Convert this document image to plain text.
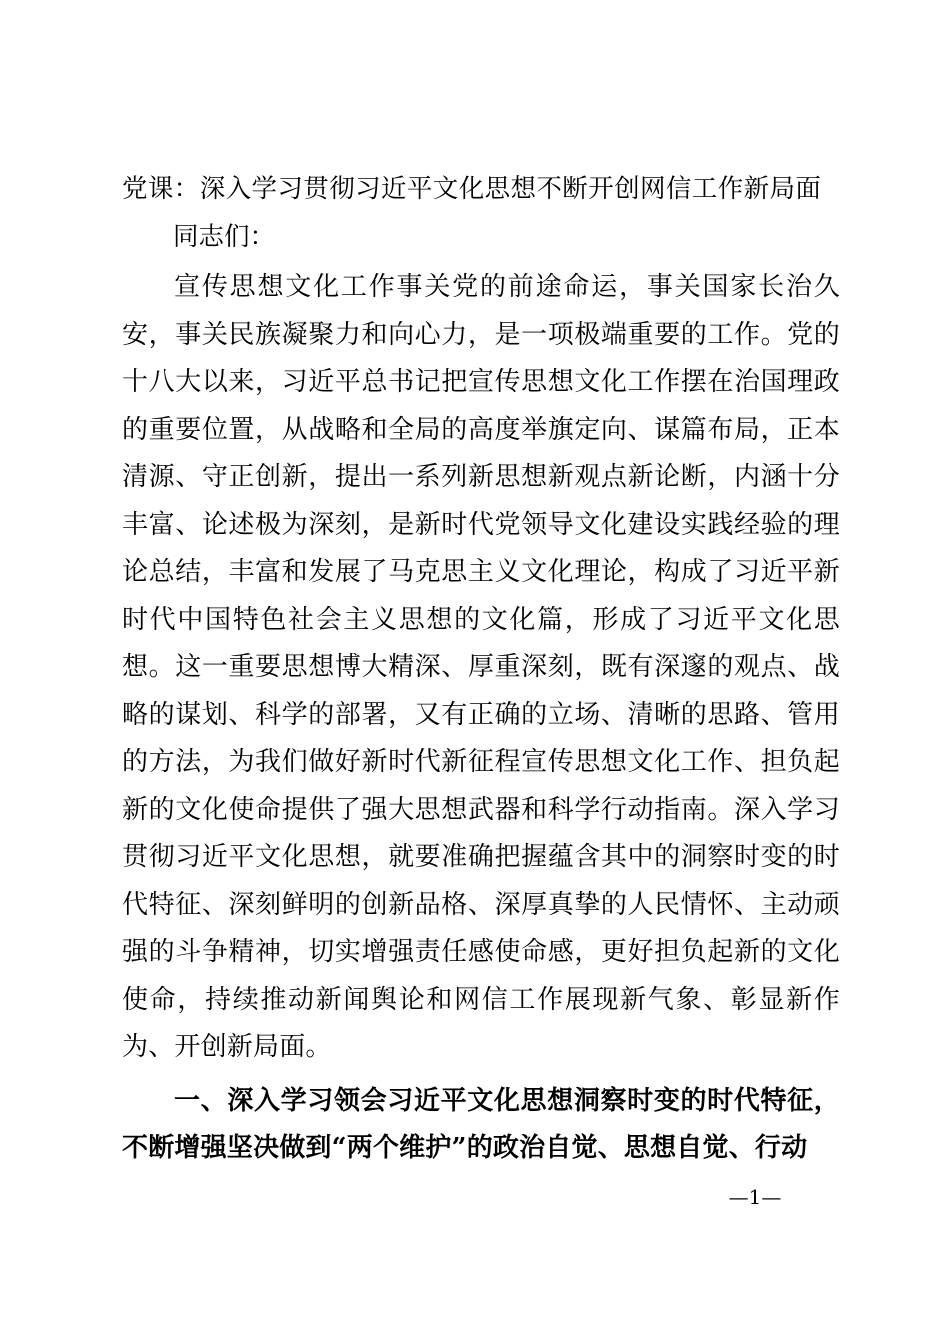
党课：深入学习贯彻习近平文化思想不断开创网信工作新局面
同志们：
宣传思想文化工作事关党的前途命运，事关国家长治久安，事关民族凝聚力和向心力，是一项极端重要的工作。党的十八大以来，习近平总书记把宣传思想文化工作摆在治国理政的重要位置，从战略和全局的高度举旗定向、谋篇布局，正本清源、守正创新，提出一系列新思想新观点新论断，内涵十分丰富、论述极为深刻，是新时代党领导文化建设实践经验的理论总结，丰富和发展了马克思主义文化理论，构成了习近平新时代中国特色社会主义思想的文化篇，形成了习近平文化思想。这一重要思想博大精深、厚重深刻，既有深邃的观点、战略的谋划、科学的部署，又有正确的立场、清晰的思路、管用的方法，为我们做好新时代新征程宣传思想文化工作、担负起新的文化使命提供了强大思想武器和科学行动指南。深入学习贯彻习近平文化思想，就要准确把握蕴含其中的洞察时变的时代特征、深刻鲜明的创新品格、深厚真挚的人民情怀、主动顽强的斗争精神，切实增强责任感使命感，更好担负起新的文化使命，持续推动新闻舆论和网信工作展现新气象、彰显新作为、开创新局面。
一、深入学习领会习近平文化思想洞察时变的时代特征，不断增强坚决做到“两个维护”的政治自觉、思想自觉、行动
—1—
